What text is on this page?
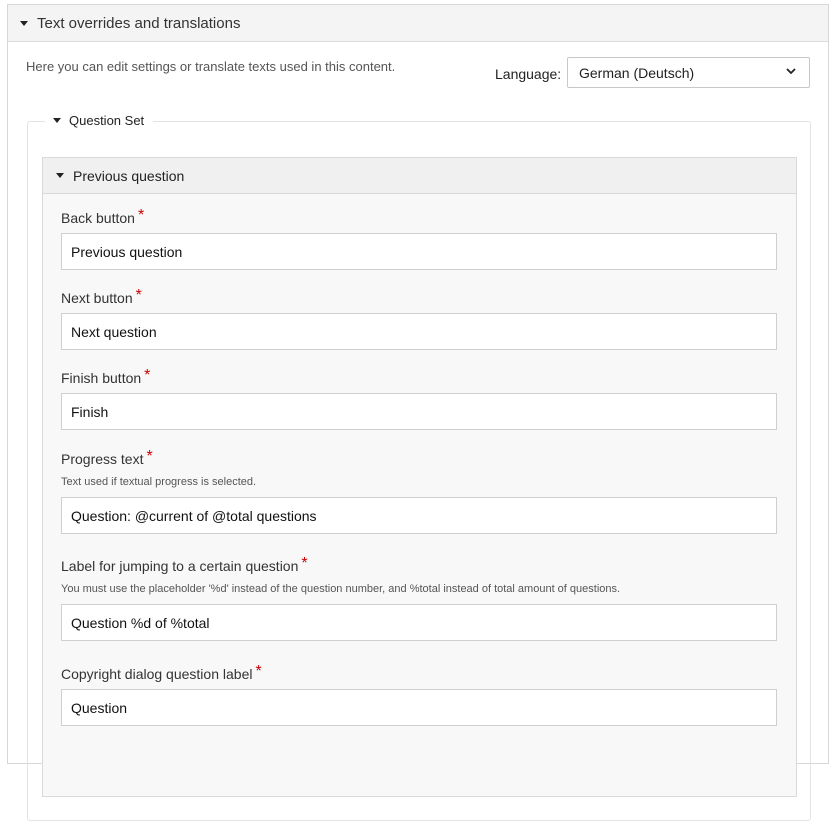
Text overrides and translations
Here you can edit settings or translate texts used in this content.	Language: German (Deutsch)
Question Set
Previous question
Back button *
Previous question
Next button *
Next question
Finish button *
Finish
Progress text *
Text used if textual progress is selected.
Question: @current of @total questions
Label for jumping to a certain question *
You must use the placeholder '%d' instead of the question number, and %total instead of total amount of questions.
Question %d of %total
Copyright dialog question label *
Question
